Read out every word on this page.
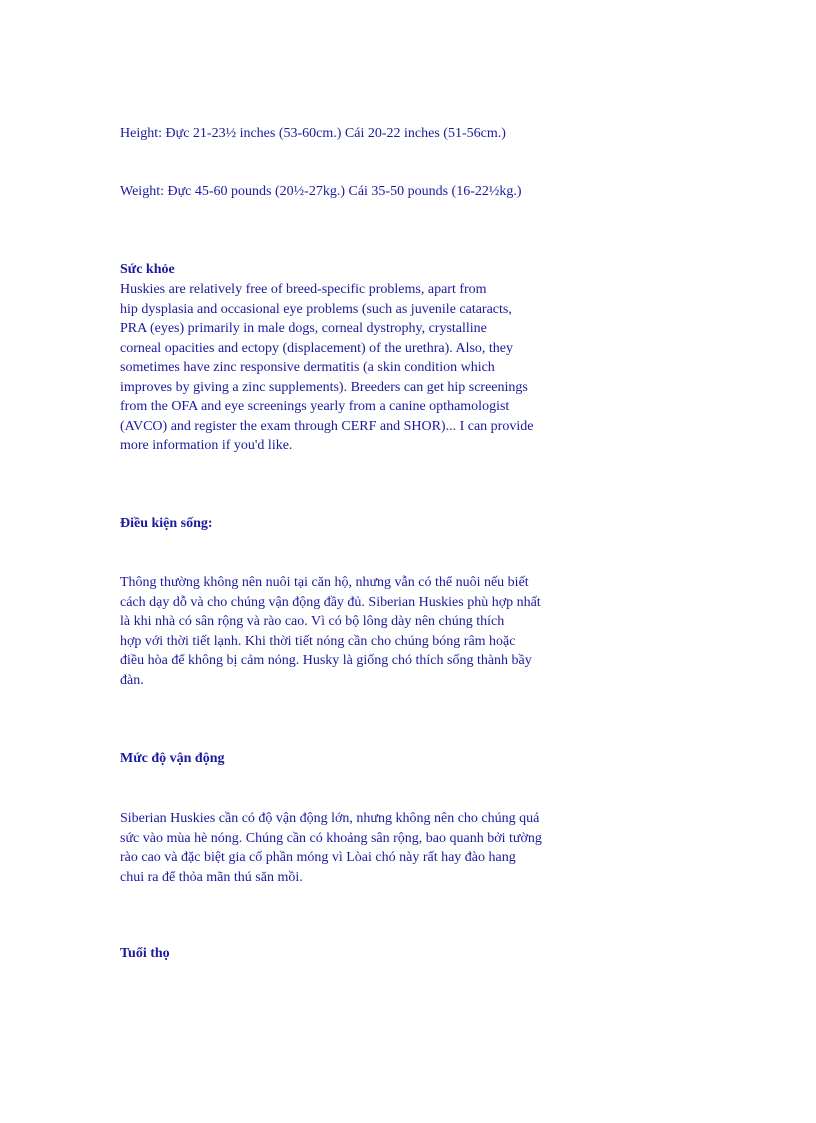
Height: Đực 21-23½ inches (53-60cm.) Cái 20-22 inches (51-56cm.)

Weight: Đực 45-60 pounds (20½-27kg.) Cái 35-50 pounds (16-22½kg.)

Sức khỏe

Huskies are relatively free of breed-specific problems, apart from
hip dysplasia and occasional eye problems (such as juvenile cataracts,
PRA (eyes) primarily in male dogs, corneal dystrophy, crystalline
corneal opacities and ectopy (displacement) of the urethra). Also, they
sometimes have zinc responsive dermatitis (a skin condition which
improves by giving a zinc supplements). Breeders can get hip screenings
from the OFA and eye screenings yearly from a canine opthamologist
(AVCO) and register the exam through CERF and SHOR)... I can provide
more information if you'd like.

Điều kiện sống:

Thông thường không nên nuôi tại căn hộ, nhưng vẫn có thể nuôi nếu biết
cách dạy dỗ và cho chúng vận động đầy đủ. Siberian Huskies phù hợp nhất
là khi nhà có sân rộng và rào cao. Vì có bộ lông dày nên chúng thích
hợp với thời tiết lạnh. Khi thời tiết nóng cần cho chúng bóng râm hoặc
điều hòa để không bị cảm nóng. Husky là giống chó thích sống thành bầy
đàn.

Mức độ vận động

Siberian Huskies cần có độ vận động lớn, nhưng không nên cho chúng quá
sức vào mùa hè nóng. Chúng cần có khoảng sân rộng, bao quanh bởi tường
rào cao và đặc biệt gia cố phần móng vì Lòai chó này rất hay đào hang
chui ra để thỏa mãn thú săn mồi.

Tuổi thọ
